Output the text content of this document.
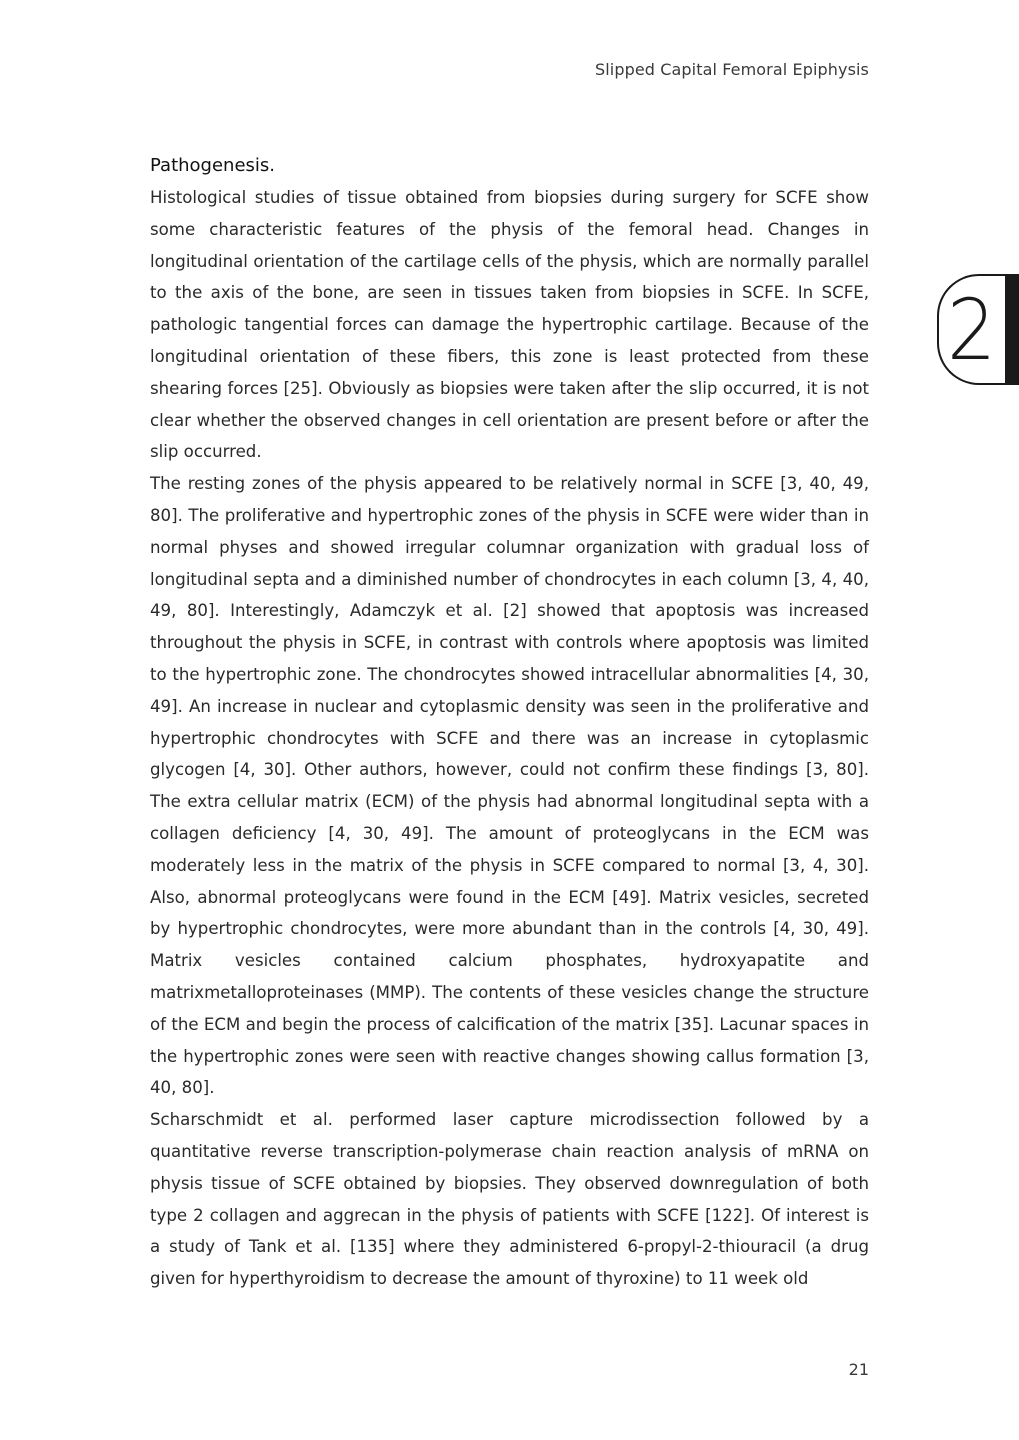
Slipped Capital Femoral Epiphysis
2
Pathogenesis.

Histological studies of tissue obtained from biopsies during surgery for SCFE show some characteristic features of the physis of the femoral head. Changes in longitudinal orientation of the cartilage cells of the physis, which are normally parallel to the axis of the bone, are seen in tissues taken from biopsies in SCFE. In SCFE, pathologic tangential forces can damage the hypertrophic cartilage. Because of the longitudinal orientation of these fibers, this zone is least protected from these shearing forces [25]. Obviously as biopsies were taken after the slip occurred, it is not clear whether the observed changes in cell orientation are present before or after the slip occurred.

The resting zones of the physis appeared to be relatively normal in SCFE [3, 40, 49, 80]. The proliferative and hypertrophic zones of the physis in SCFE were wider than in normal physes and showed irregular columnar organization with gradual loss of longitudinal septa and a diminished number of chondrocytes in each column [3, 4, 40, 49, 80]. Interestingly, Adamczyk et al. [2] showed that apoptosis was increased throughout the physis in SCFE, in contrast with controls where apoptosis was limited to the hypertrophic zone. The chondrocytes showed intracellular abnormalities [4, 30, 49]. An increase in nuclear and cytoplasmic density was seen in the proliferative and hypertrophic chondrocytes with SCFE and there was an increase in cytoplasmic glycogen [4, 30]. Other authors, however, could not confirm these findings [3, 80]. The extra cellular matrix (ECM) of the physis had abnormal longitudinal septa with a collagen deficiency [4, 30, 49]. The amount of proteoglycans in the ECM was moderately less in the matrix of the physis in SCFE compared to normal [3, 4, 30]. Also, abnormal proteoglycans were found in the ECM [49]. Matrix vesicles, secreted by hypertrophic chondrocytes, were more abundant than in the controls [4, 30, 49]. Matrix vesicles contained calcium phosphates, hydroxyapatite and matrixmetalloproteinases (MMP). The contents of these vesicles change the structure of the ECM and begin the process of calcification of the matrix [35]. Lacunar spaces in the hypertrophic zones were seen with reactive changes showing callus formation [3, 40, 80].

Scharschmidt et al. performed laser capture microdissection followed by a quantitative reverse transcription-polymerase chain reaction analysis of mRNA on physis tissue of SCFE obtained by biopsies. They observed downregulation of both type 2 collagen and aggrecan in the physis of patients with SCFE [122]. Of interest is a study of Tank et al. [135] where they administered 6-propyl-2-thiouracil (a drug given for hyperthyroidism to decrease the amount of thyroxine) to 11 week old

21
